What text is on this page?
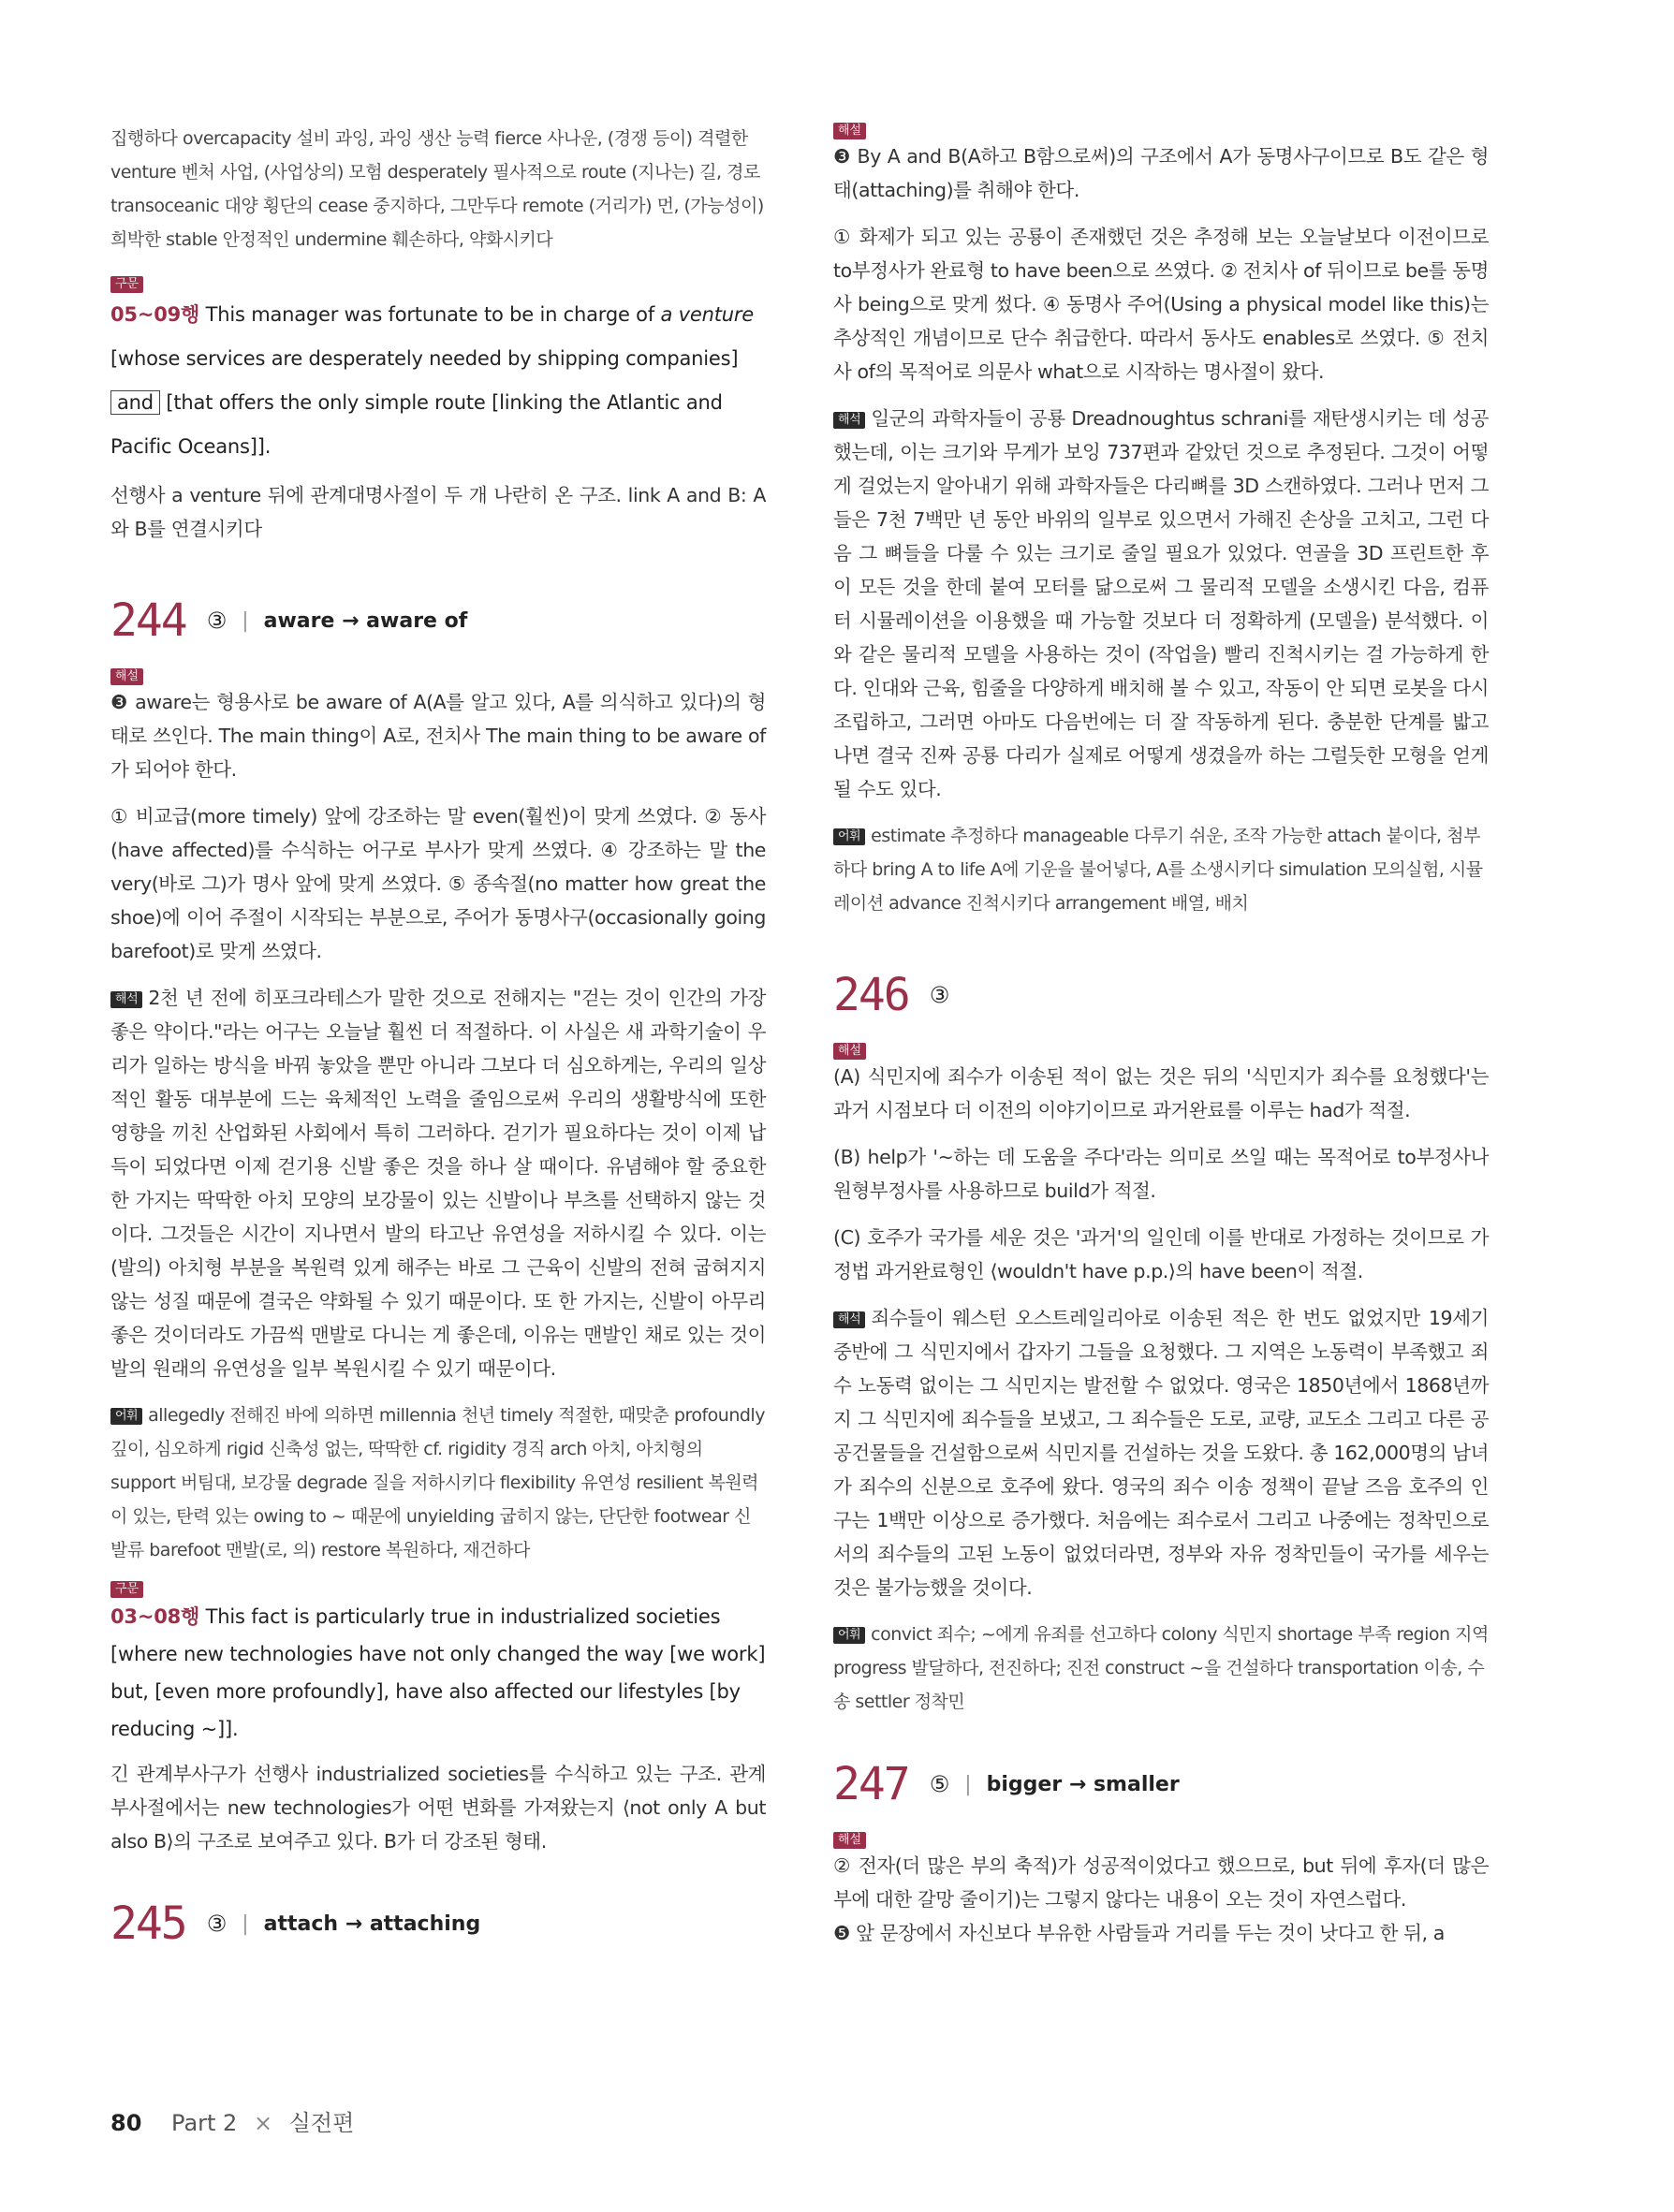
집행하다 overcapacity 설비 과잉, 과잉 생산 능력 fierce 사나운, (경쟁 등이) 격렬한 venture 벤처 사업, (사업상의) 모험 desperately 필사적으로 route (지나는) 길, 경로 transoceanic 대양 횡단의 cease 중지하다, 그만두다 remote (거리가) 먼, (가능성이) 희박한 stable 안정적인 undermine 훼손하다, 약화시키다

구문
05~09행 This manager was fortunate to be in charge of a venture
[whose services are desperately needed by shipping companies]
and [that offers the only simple route [linking the Atlantic and
Pacific Oceans]].

선행사 a venture 뒤에 관계대명사절이 두 개 나란히 온 구조. link A and B: A와 B를 연결시키다

244 ③ | aware → aware of
해설

❸ aware는 형용사로 be aware of A(A를 알고 있다, A를 의식하고 있다)의 형태로 쓰인다. The main thing이 A로, 전치사 The main thing to be aware of가 되어야 한다.

① 비교급(more timely) 앞에 강조하는 말 even(훨씬)이 맞게 쓰였다. ② 동사(have affected)를 수식하는 어구로 부사가 맞게 쓰였다. ④ 강조하는 말 the very(바로 그)가 명사 앞에 맞게 쓰였다. ⑤ 종속절(no matter how great the shoe)에 이어 주절이 시작되는 부분으로, 주어가 동명사구(occasionally going barefoot)로 맞게 쓰였다.

해석 2천 년 전에 히포크라테스가 말한 것으로 전해지는 "걷는 것이 인간의 가장 좋은 약이다."라는 어구는 오늘날 훨씬 더 적절하다. 이 사실은 새 과학기술이 우리가 일하는 방식을 바꿔 놓았을 뿐만 아니라 그보다 더 심오하게는, 우리의 일상적인 활동 대부분에 드는 육체적인 노력을 줄임으로써 우리의 생활방식에 또한 영향을 끼친 산업화된 사회에서 특히 그러하다. 걷기가 필요하다는 것이 이제 납득이 되었다면 이제 걷기용 신발 좋은 것을 하나 살 때이다. 유념해야 할 중요한 한 가지는 딱딱한 아치 모양의 보강물이 있는 신발이나 부츠를 선택하지 않는 것이다. 그것들은 시간이 지나면서 발의 타고난 유연성을 저하시킬 수 있다. 이는 (발의) 아치형 부분을 복원력 있게 해주는 바로 그 근육이 신발의 전혀 굽혀지지 않는 성질 때문에 결국은 약화될 수 있기 때문이다. 또 한 가지는, 신발이 아무리 좋은 것이더라도 가끔씩 맨발로 다니는 게 좋은데, 이유는 맨발인 채로 있는 것이 발의 원래의 유연성을 일부 복원시킬 수 있기 때문이다.

어휘 allegedly 전해진 바에 의하면 millennia 천년 timely 적절한, 때맞춘 profoundly 깊이, 심오하게 rigid 신축성 없는, 딱딱한 cf. rigidity 경직 arch 아치, 아치형의 support 버팀대, 보강물 degrade 질을 저하시키다 flexibility 유연성 resilient 복원력이 있는, 탄력 있는 owing to ~ 때문에 unyielding 굽히지 않는, 단단한 footwear 신발류 barefoot 맨발(로, 의) restore 복원하다, 재건하다

구문

03~08행 This fact is particularly true in industrialized societies [where new technologies have not only changed the way [we work] but, [even more profoundly], have also affected our lifestyles [by reducing ~]].

긴 관계부사구가 선행사 industrialized societies를 수식하고 있는 구조. 관계부사절에서는 new technologies가 어떤 변화를 가져왔는지 ⟨not only A but also B⟩의 구조로 보여주고 있다. B가 더 강조된 형태.

245 ③ | attach → attaching
해설

❸ By A and B(A하고 B함으로써)의 구조에서 A가 동명사구이므로 B도 같은 형태(attaching)를 취해야 한다.

① 화제가 되고 있는 공룡이 존재했던 것은 추정해 보는 오늘날보다 이전이므로 to부정사가 완료형 to have been으로 쓰였다. ② 전치사 of 뒤이므로 be를 동명사 being으로 맞게 썼다. ④ 동명사 주어(Using a physical model like this)는 추상적인 개념이므로 단수 취급한다. 따라서 동사도 enables로 쓰였다. ⑤ 전치사 of의 목적어로 의문사 what으로 시작하는 명사절이 왔다.

해석 일군의 과학자들이 공룡 Dreadnoughtus schrani를 재탄생시키는 데 성공했는데, 이는 크기와 무게가 보잉 737편과 같았던 것으로 추정된다. 그것이 어떻게 걸었는지 알아내기 위해 과학자들은 다리뼈를 3D 스캔하였다. 그러나 먼저 그들은 7천 7백만 년 동안 바위의 일부로 있으면서 가해진 손상을 고치고, 그런 다음 그 뼈들을 다룰 수 있는 크기로 줄일 필요가 있었다. 연골을 3D 프린트한 후 이 모든 것을 한데 붙여 모터를 닮으로써 그 물리적 모델을 소생시킨 다음, 컴퓨터 시뮬레이션을 이용했을 때 가능할 것보다 더 정확하게 (모델을) 분석했다. 이와 같은 물리적 모델을 사용하는 것이 (작업을) 빨리 진척시키는 걸 가능하게 한다. 인대와 근육, 힘줄을 다양하게 배치해 볼 수 있고, 작동이 안 되면 로봇을 다시 조립하고, 그러면 아마도 다음번에는 더 잘 작동하게 된다. 충분한 단계를 밟고 나면 결국 진짜 공룡 다리가 실제로 어떻게 생겼을까 하는 그럴듯한 모형을 얻게 될 수도 있다.

어휘 estimate 추정하다 manageable 다루기 쉬운, 조작 가능한 attach 붙이다, 첨부하다 bring A to life A에 기운을 불어넣다, A를 소생시키다 simulation 모의실험, 시뮬레이션 advance 진척시키다 arrangement 배열, 배치

246 ③
해설

(A) 식민지에 죄수가 이송된 적이 없는 것은 뒤의 '식민지가 죄수를 요청했다'는 과거 시점보다 더 이전의 이야기이므로 과거완료를 이루는 had가 적절.

(B) help가 '~하는 데 도움을 주다'라는 의미로 쓰일 때는 목적어로 to부정사나 원형부정사를 사용하므로 build가 적절.

(C) 호주가 국가를 세운 것은 '과거'의 일인데 이를 반대로 가정하는 것이므로 가정법 과거완료형인 ⟨wouldn't have p.p.⟩의 have been이 적절.

해석 죄수들이 웨스턴 오스트레일리아로 이송된 적은 한 번도 없었지만 19세기 중반에 그 식민지에서 갑자기 그들을 요청했다. 그 지역은 노동력이 부족했고 죄수 노동력 없이는 그 식민지는 발전할 수 없었다. 영국은 1850년에서 1868년까지 그 식민지에 죄수들을 보냈고, 그 죄수들은 도로, 교량, 교도소 그리고 다른 공공건물들을 건설함으로써 식민지를 건설하는 것을 도왔다. 총 162,000명의 남녀가 죄수의 신분으로 호주에 왔다. 영국의 죄수 이송 정책이 끝날 즈음 호주의 인구는 1백만 이상으로 증가했다. 처음에는 죄수로서 그리고 나중에는 정착민으로서의 죄수들의 고된 노동이 없었더라면, 정부와 자유 정착민들이 국가를 세우는 것은 불가능했을 것이다.

어휘 convict 죄수; ~에게 유죄를 선고하다 colony 식민지 shortage 부족 region 지역 progress 발달하다, 전진하다; 진전 construct ~을 건설하다 transportation 이송, 수송 settler 정착민

247 ⑤ | bigger → smaller
해설

② 전자(더 많은 부의 축적)가 성공적이었다고 했으므로, but 뒤에 후자(더 많은 부에 대한 갈망 줄이기)는 그렇지 않다는 내용이 오는 것이 자연스럽다.

❺ 앞 문장에서 자신보다 부유한 사람들과 거리를 두는 것이 낫다고 한 뒤, a

80 Part 2 × 실전편
